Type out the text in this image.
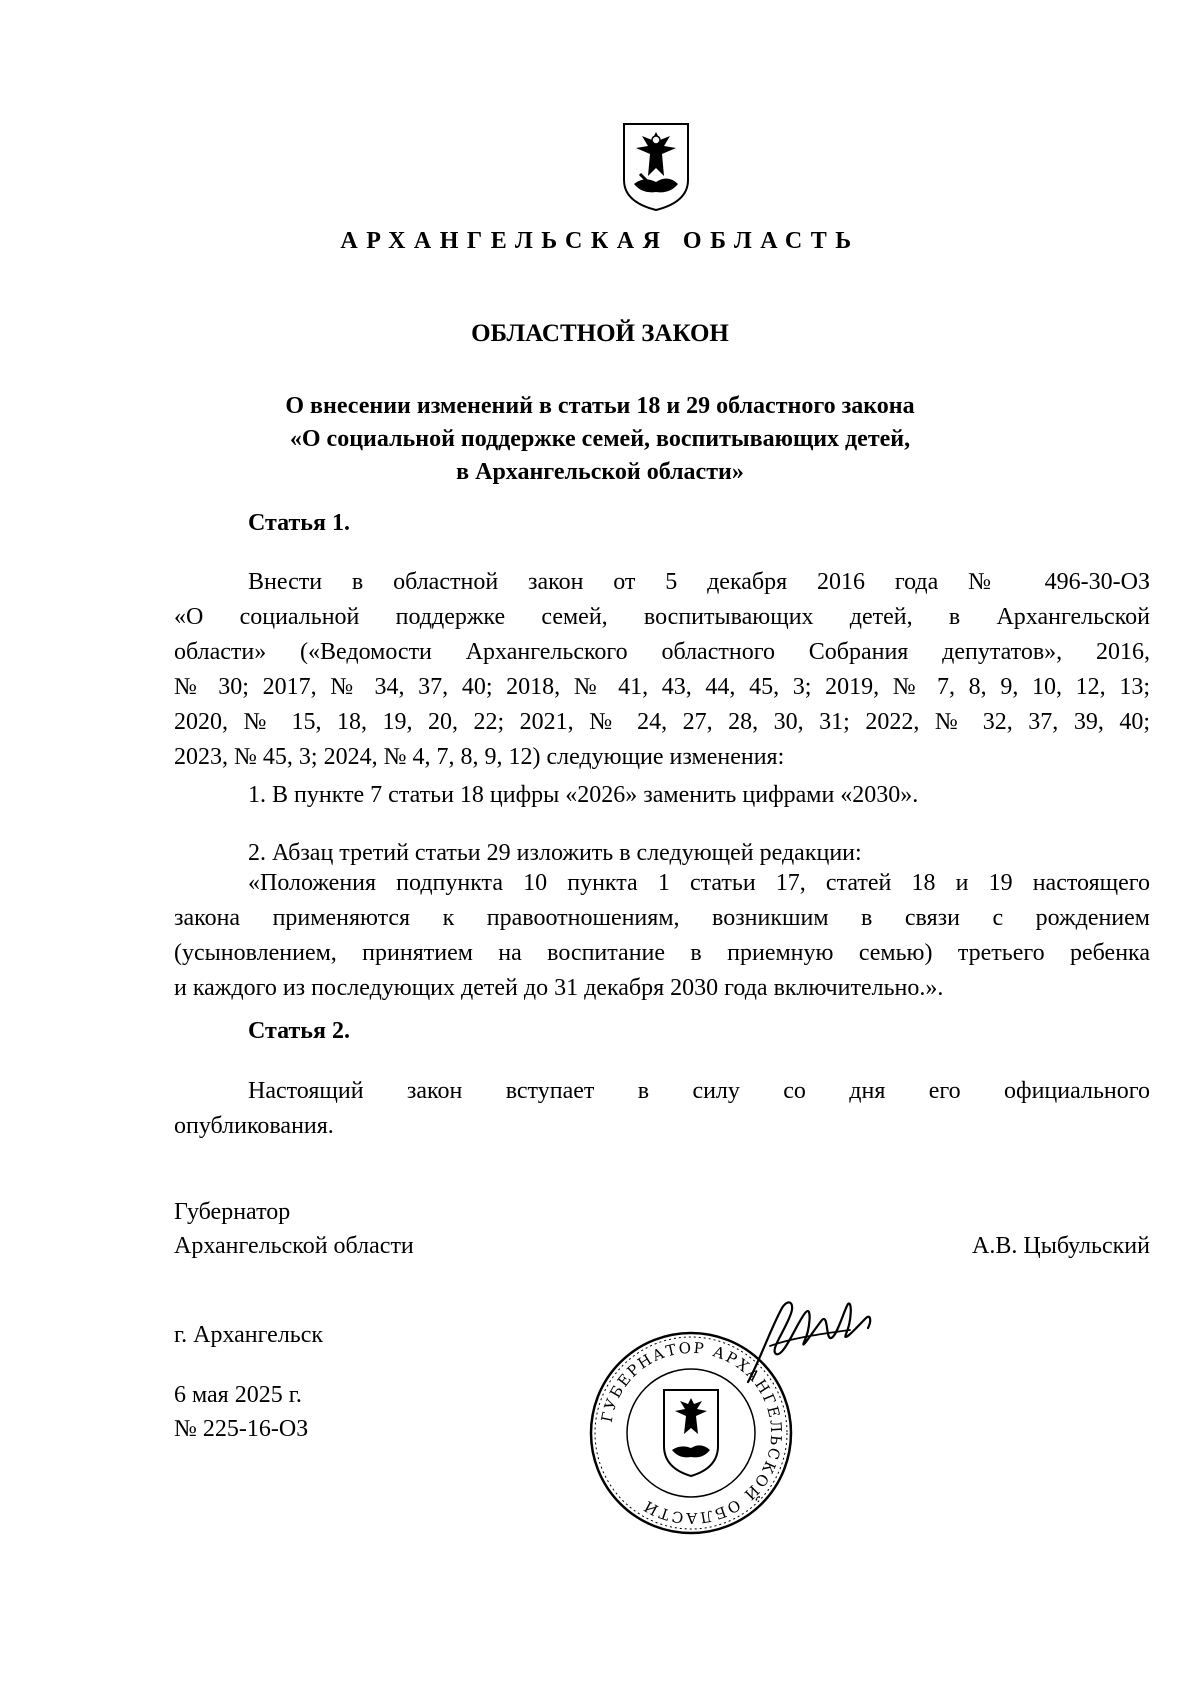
АРХАНГЕЛЬСКАЯ ОБЛАСТЬ
ОБЛАСТНОЙ ЗАКОН
О внесении изменений в статьи 18 и 29 областного закона
«О социальной поддержке семей, воспитывающих детей,
в Архангельской области»
Статья 1.
Внести в областной закон от 5 декабря 2016 года № 496-30-ОЗ
«О социальной поддержке семей, воспитывающих детей, в Архангельской
области» («Ведомости Архангельского областного Собрания депутатов», 2016,
№ 30; 2017, № 34, 37, 40; 2018, № 41, 43, 44, 45, 3; 2019, № 7, 8, 9, 10, 12, 13;
2020, № 15, 18, 19, 20, 22; 2021, № 24, 27, 28, 30, 31; 2022, № 32, 37, 39, 40;
2023, № 45, 3; 2024, № 4, 7, 8, 9, 12) следующие изменения:
1. В пункте 7 статьи 18 цифры «2026» заменить цифрами «2030».
2. Абзац третий статьи 29 изложить в следующей редакции:
«Положения подпункта 10 пункта 1 статьи 17, статей 18 и 19 настоящего
закона применяются к правоотношениям, возникшим в связи с рождением
(усыновлением, принятием на воспитание в приемную семью) третьего ребенка
и каждого из последующих детей до 31 декабря 2030 года включительно.».
Статья 2.
Настоящий закон вступает в силу со дня его официального
опубликования.
Губернатор
Архангельской области	А.В. Цыбульский
ГУБЕРНАТОР АРХАНГЕЛЬСКОЙ ОБЛАСТИ
г. Архангельск
6 мая 2025 г.
№ 225-16-ОЗ
